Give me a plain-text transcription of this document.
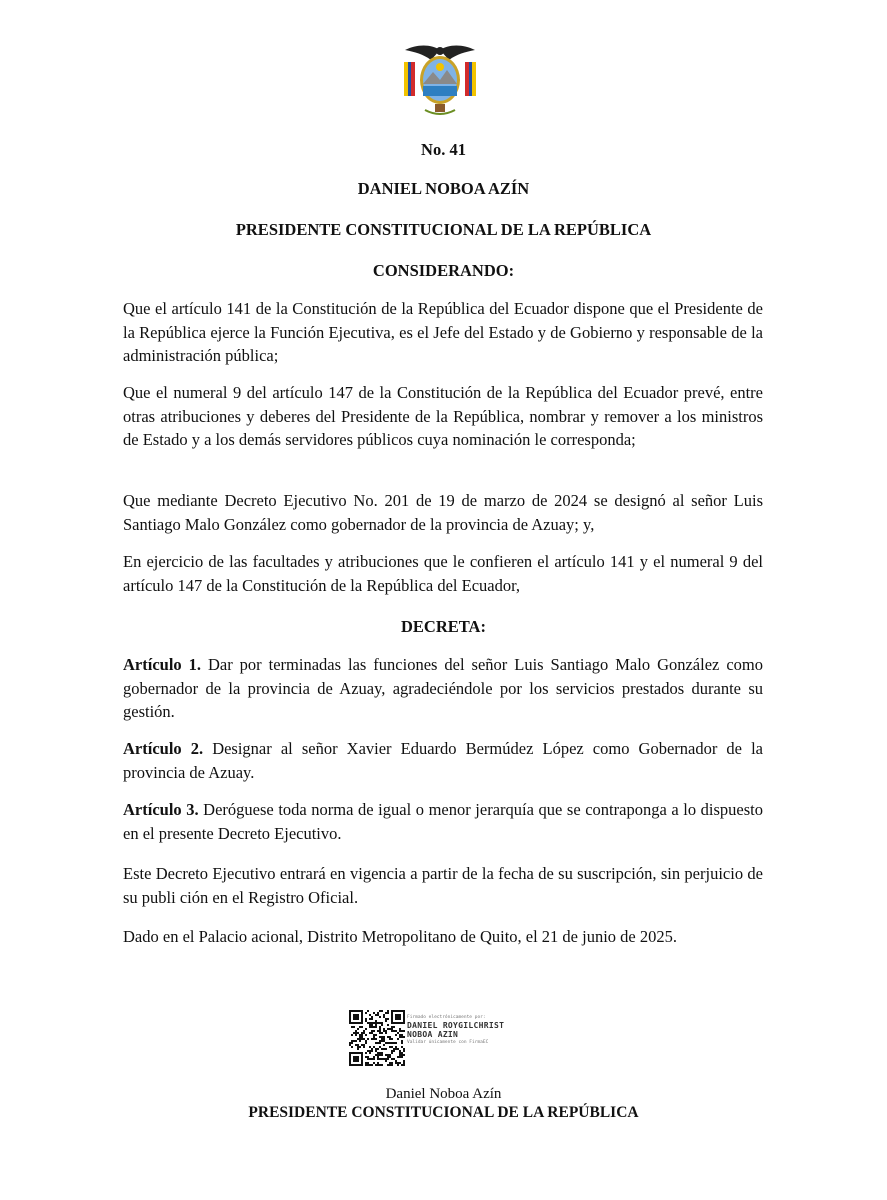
No. 41

DANIEL NOBOA AZÍN

PRESIDENTE CONSTITUCIONAL DE LA REPÚBLICA

CONSIDERANDO:

Que el artículo 141 de la Constitución de la República del Ecuador dispone que el Presidente de la República ejerce la Función Ejecutiva, es el Jefe del Estado y de Gobierno y responsable de la administración pública;

Que el numeral 9 del artículo 147 de la Constitución de la República del Ecuador prevé, entre otras atribuciones y deberes del Presidente de la República, nombrar y remover a los ministros de Estado y a los demás servidores públicos cuya nominación le corresponda;

Que mediante Decreto Ejecutivo No. 201 de 19 de marzo de 2024 se designó al señor Luis Santiago Malo González como gobernador de la provincia de Azuay; y,

En ejercicio de las facultades y atribuciones que le confieren el artículo 141 y el numeral 9 del artículo 147 de la Constitución de la República del Ecuador,

DECRETA:

Artículo 1. Dar por terminadas las funciones del señor Luis Santiago Malo González como gobernador de la provincia de Azuay, agradeciéndole por los servicios prestados durante su gestión.

Artículo 2. Designar al señor Xavier Eduardo Bermúdez López como Gobernador de la provincia de Azuay.

Artículo 3. Deróguese toda norma de igual o menor jerarquía que se contraponga a lo dispuesto en el presente Decreto Ejecutivo.

Este Decreto Ejecutivo entrará en vigencia a partir de la fecha de su suscripción, sin perjuicio de su publi ción en el Registro Oficial.

Dado en el Palacio acional, Distrito Metropolitano de Quito, el 21 de junio de 2025.

Firmado electrónicamente por:
DANIEL ROYGILCHRIST
NOBOA AZIN
Validar únicamente con FirmaEC

Daniel Noboa Azín

PRESIDENTE CONSTITUCIONAL DE LA REPÚBLICA
